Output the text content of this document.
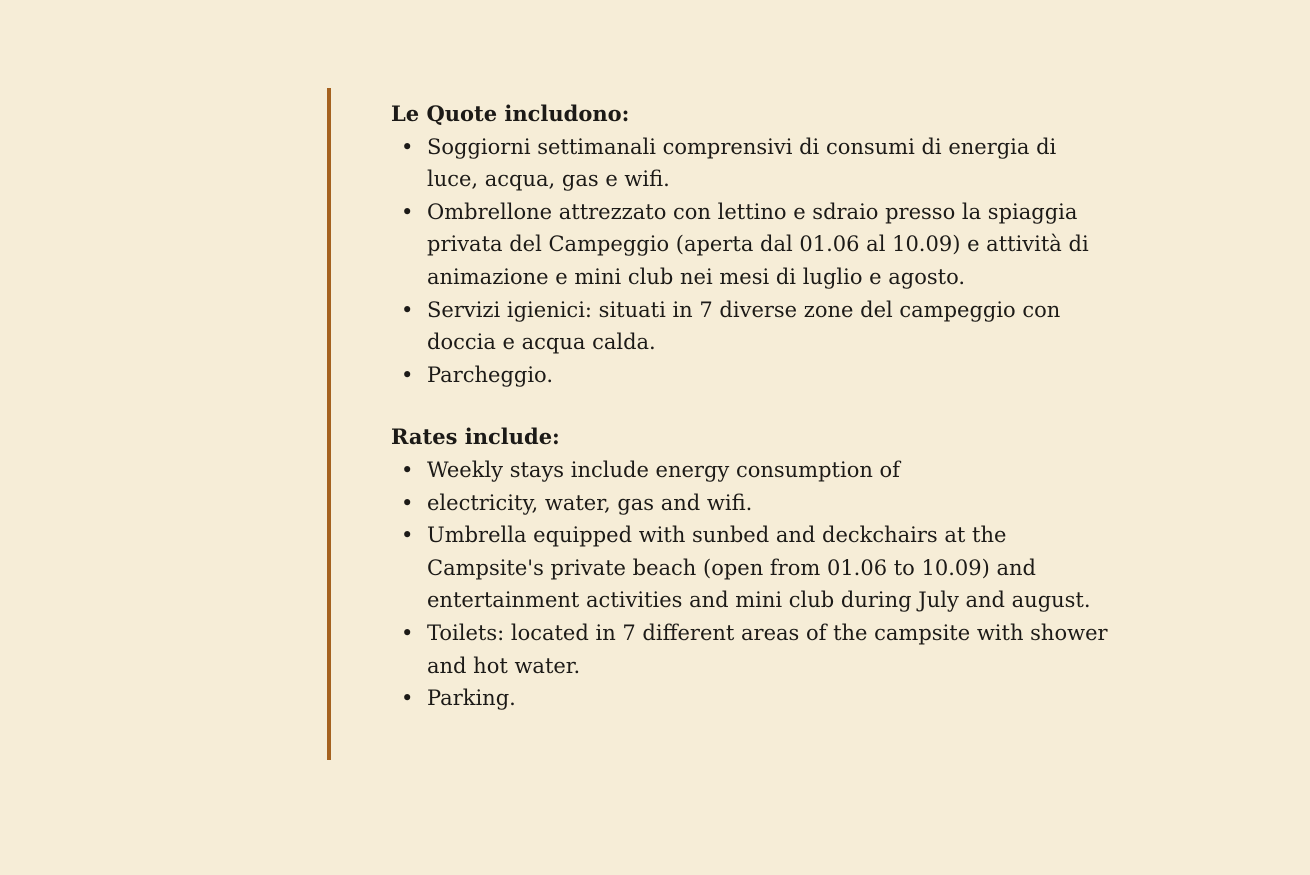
Le Quote includono:

• Soggiorni settimanali comprensivi di consumi di energia di luce, acqua, gas e wifi.
• Ombrellone attrezzato con lettino e sdraio presso la spiaggia privata del Campeggio (aperta dal 01.06 al 10.09) e attività di animazione e mini club nei mesi di luglio e agosto.
• Servizi igienici: situati in 7 diverse zone del campeggio con doccia e acqua calda.
• Parcheggio.

Rates include:

• Weekly stays include energy consumption of
• electricity, water, gas and wifi.
• Umbrella equipped with sunbed and deckchairs at the Campsite's private beach (open from 01.06 to 10.09) and entertainment activities and mini club during July and august.
• Toilets: located in 7 different areas of the campsite with shower and hot water.
• Parking.
